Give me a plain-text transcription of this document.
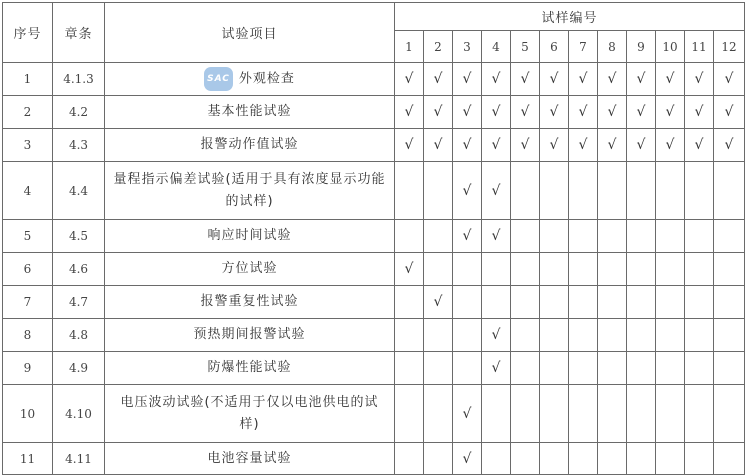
序号	章条	试验项目	试样编号											
			1	2	3	4	5	6	7	8	9	10	11	12
1	4.1.3	SAC 外观检查	√	√	√	√	√	√	√	√	√	√	√	√
2	4.2	基本性能试验	√	√	√	√	√	√	√	√	√	√	√	√
3	4.3	报警动作值试验	√	√	√	√	√	√	√	√	√	√	√	√
4	4.4	量程指示偏差试验(适用于具有浓度显示功能的试样)			√	√								
5	4.5	响应时间试验			√	√								
6	4.6	方位试验	√											
7	4.7	报警重复性试验		√										
8	4.8	预热期间报警试验				√								
9	4.9	防爆性能试验				√								
10	4.10	电压波动试验(不适用于仅以电池供电的试样)			√									
11	4.11	电池容量试验			√									
